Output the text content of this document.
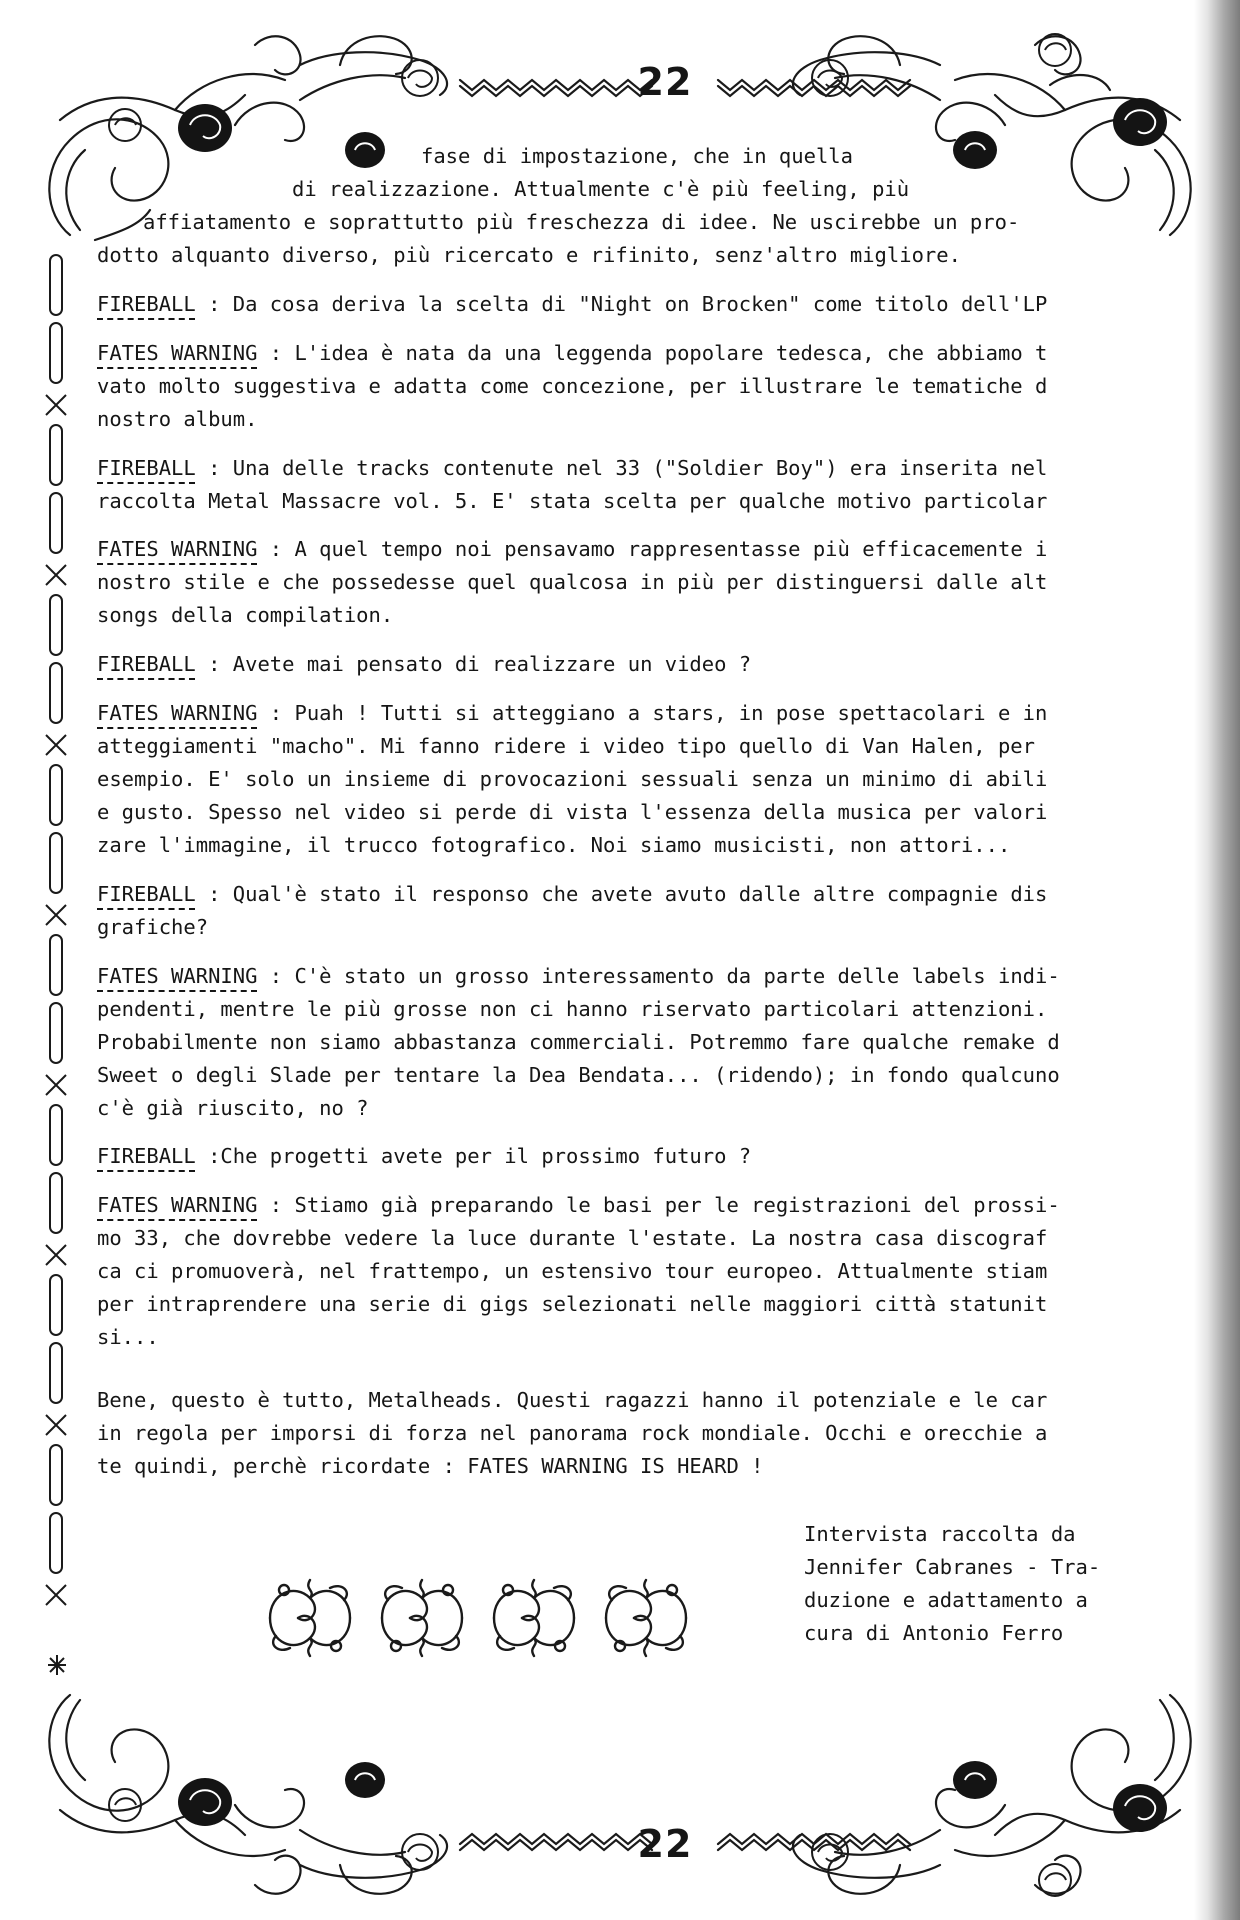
22
fase di impostazione, che in quella
di realizzazione. Attualmente c'è più feeling, più
affiatamento e soprattutto più freschezza di idee. Ne uscirebbe un pro-
dotto alquanto diverso, più ricercato e rifinito, senz'altro migliore.
FIREBALL : Da cosa deriva la scelta di "Night on Brocken" come titolo dell'LP
FATES WARNING : L'idea è nata da una leggenda popolare tedesca, che abbiamo t
vato molto suggestiva e adatta come concezione, per illustrare le tematiche d
nostro album.
FIREBALL : Una delle tracks contenute nel 33 ("Soldier Boy") era inserita nel
raccolta Metal Massacre vol. 5. E' stata scelta per qualche motivo particolar
FATES WARNING : A quel tempo noi pensavamo rappresentasse più efficacemente i
nostro stile e che possedesse quel qualcosa in più per distinguersi dalle alt
songs della compilation.
FIREBALL : Avete mai pensato di realizzare un video ?
FATES WARNING : Puah ! Tutti si atteggiano a stars, in pose spettacolari e in
atteggiamenti "macho". Mi fanno ridere i video tipo quello di Van Halen, per
esempio. E' solo un insieme di provocazioni sessuali senza un minimo di abili
e gusto. Spesso nel video si perde di vista l'essenza della musica per valori
zare l'immagine, il trucco fotografico. Noi siamo musicisti, non attori...
FIREBALL : Qual'è stato il responso che avete avuto dalle altre compagnie dis
grafiche?
FATES WARNING : C'è stato un grosso interessamento da parte delle labels indi-
pendenti, mentre le più grosse non ci hanno riservato particolari attenzioni.
Probabilmente non siamo abbastanza commerciali. Potremmo fare qualche remake d
Sweet o degli Slade per tentare la Dea Bendata... (ridendo); in fondo qualcuno
c'è già riuscito, no ?
FIREBALL :Che progetti avete per il prossimo futuro ?
FATES WARNING : Stiamo già preparando le basi per le registrazioni del prossi-
mo 33, che dovrebbe vedere la luce durante l'estate. La nostra casa discograf
ca ci promuoverà, nel frattempo, un estensivo tour europeo. Attualmente stiam
per intraprendere una serie di gigs selezionati nelle maggiori città statunit
si...
Bene, questo è tutto, Metalheads. Questi ragazzi hanno il potenziale e le car
in regola per imporsi di forza nel panorama rock mondiale. Occhi e orecchie a
te quindi, perchè ricordate : FATES WARNING IS HEARD !
Intervista raccolta da
Jennifer Cabranes - Tra-
duzione e adattamento a
cura di Antonio Ferro
22
